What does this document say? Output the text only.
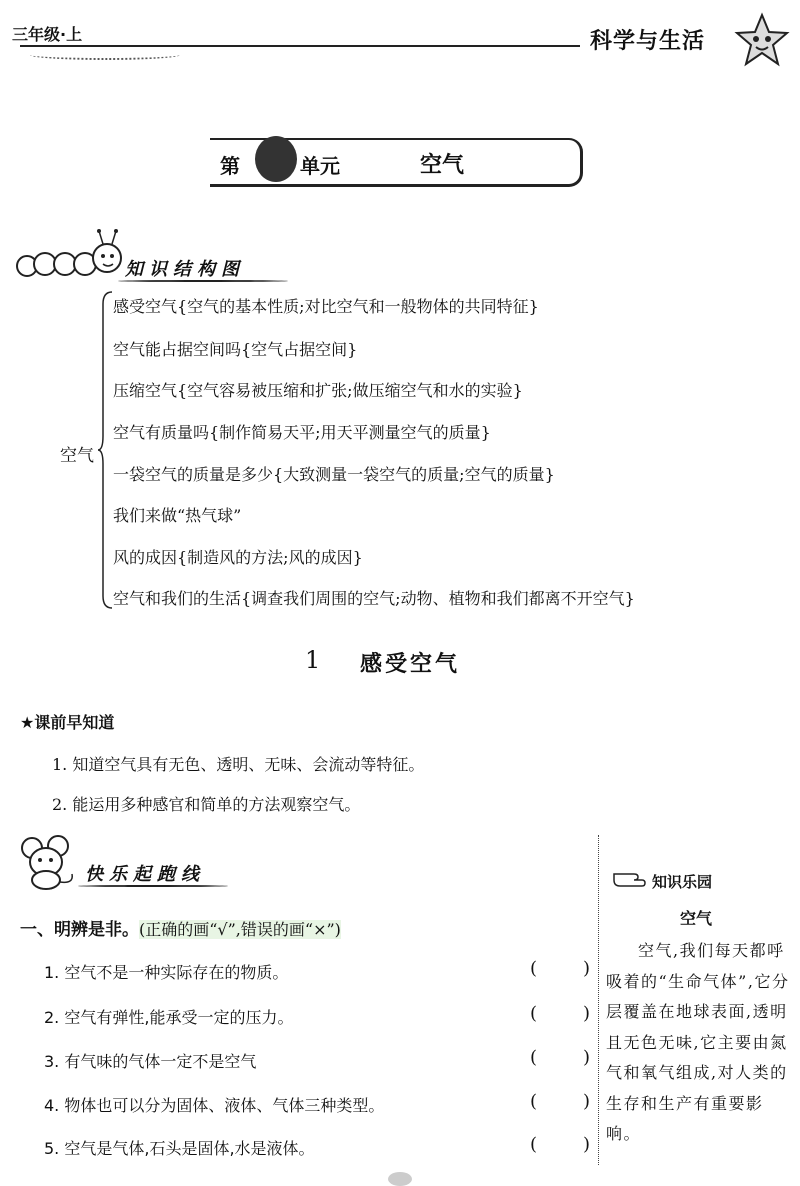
三年级·上	科学与生活
第	单元	空气
知识结构图
空气
感受空气{空气的基本性质;对比空气和一般物体的共同特征}
空气能占据空间吗{空气占据空间}
压缩空气{空气容易被压缩和扩张;做压缩空气和水的实验}
空气有质量吗{制作简易天平;用天平测量空气的质量}
一袋空气的质量是多少{大致测量一袋空气的质量;空气的质量}
我们来做“热气球”
风的成因{制造风的方法;风的成因}
空气和我们的生活{调查我们周围的空气;动物、植物和我们都离不开空气}
1 感受空气
★课前早知道
1. 知道空气具有无色、透明、无味、会流动等特征。
2. 能运用多种感官和简单的方法观察空气。
快乐起跑线
一、明辨是非。(正确的画“√”,错误的画“×”)
1. 空气不是一种实际存在的物质。	(	)
2. 空气有弹性,能承受一定的压力。	(	)
3. 有气味的气体一定不是空气	(	)
4. 物体也可以分为固体、液体、气体三种类型。	(	)
5. 空气是气体,石头是固体,水是液体。	(	)
知识乐园
空气
空气,我们每天都呼吸着的“生命气体”,它分层覆盖在地球表面,透明且无色无味,它主要由氮气和氧气组成,对人类的生存和生产有重要影响。
